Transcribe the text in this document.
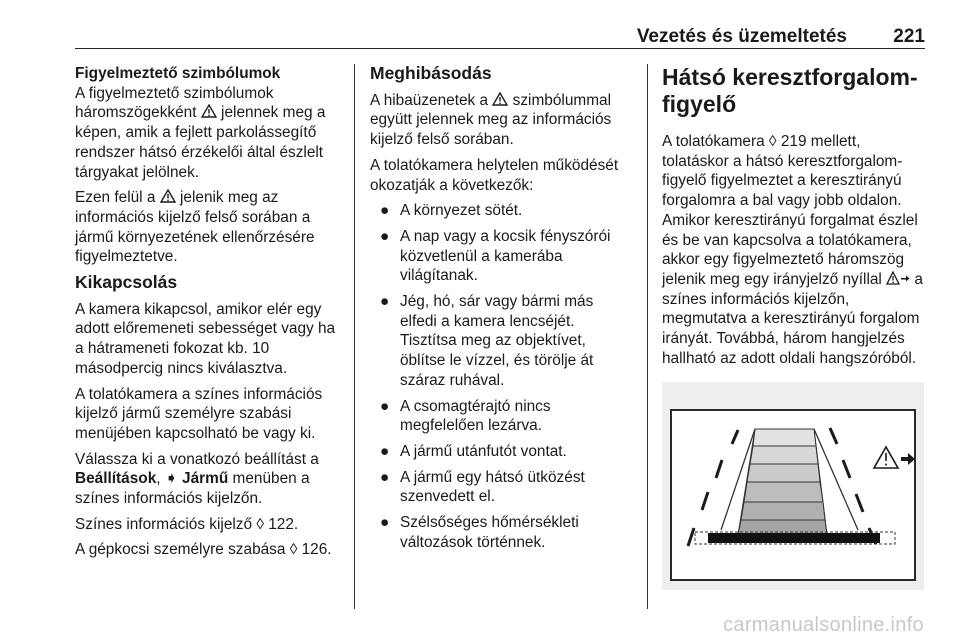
Vezetés és üzemeltetés 221
Figyelmeztető szimbólumok

A figyelmeztető szimbólumok háromszögekként jelennek meg a képen, amik a fejlett parkolássegítő rendszer hátsó érzékelői által észlelt tárgyakat jelölnek.

Ezen felül a jelenik meg az információs kijelző felső sorában a jármű környezetének ellenőrzésére figyelmeztetve.

Kikapcsolás

A kamera kikapcsol, amikor elér egy adott előremeneti sebességet vagy ha a hátrameneti fokozat kb. 10 másodpercig nincs kiválasztva.

A tolatókamera a színes információs kijelző jármű személyre szabási menüjében kapcsolható be vagy ki.

Válassza ki a vonatkozó beállítást a Beállítások, ➧ Jármű menüben a színes információs kijelzőn.

Színes információs kijelző ◊ 122.

A gépkocsi személyre szabása ◊ 126.

Meghibásodás

A hibaüzenetek a szimbólummal együtt jelennek meg az információs kijelző felső sorában.

A tolatókamera helytelen működését okozatják a következők:

● A környezet sötét.
● A nap vagy a kocsik fényszórói közvetlenül a kamerába világítanak.
● Jég, hó, sár vagy bármi más elfedi a kamera lencséjét. Tisztítsa meg az objektívet, öblítse le vízzel, és törölje át száraz ruhával.
● A csomagtérajtó nincs megfelelően lezárva.
● A jármű utánfutót vontat.
● A jármű egy hátsó ütközést szenvedett el.
● Szélsőséges hőmérsékleti változások történnek.
Hátsó keresztforgalom-figyelő

A tolatókamera ◊ 219 mellett, tolatáskor a hátsó keresztforgalom-figyelő figyelmeztet a keresztirányú forgalomra a bal vagy jobb oldalon. Amikor keresztirányú forgalmat észlel és be van kapcsolva a tolatókamera, akkor egy figyelmeztető háromszög jelenik meg egy irányjelző nyíllal a színes információs kijelzőn, megmutatva a keresztirányú forgalom irányát. Továbbá, három hangjelzés hallható az adott oldali hangszóróból.

carmanualsonline.info
